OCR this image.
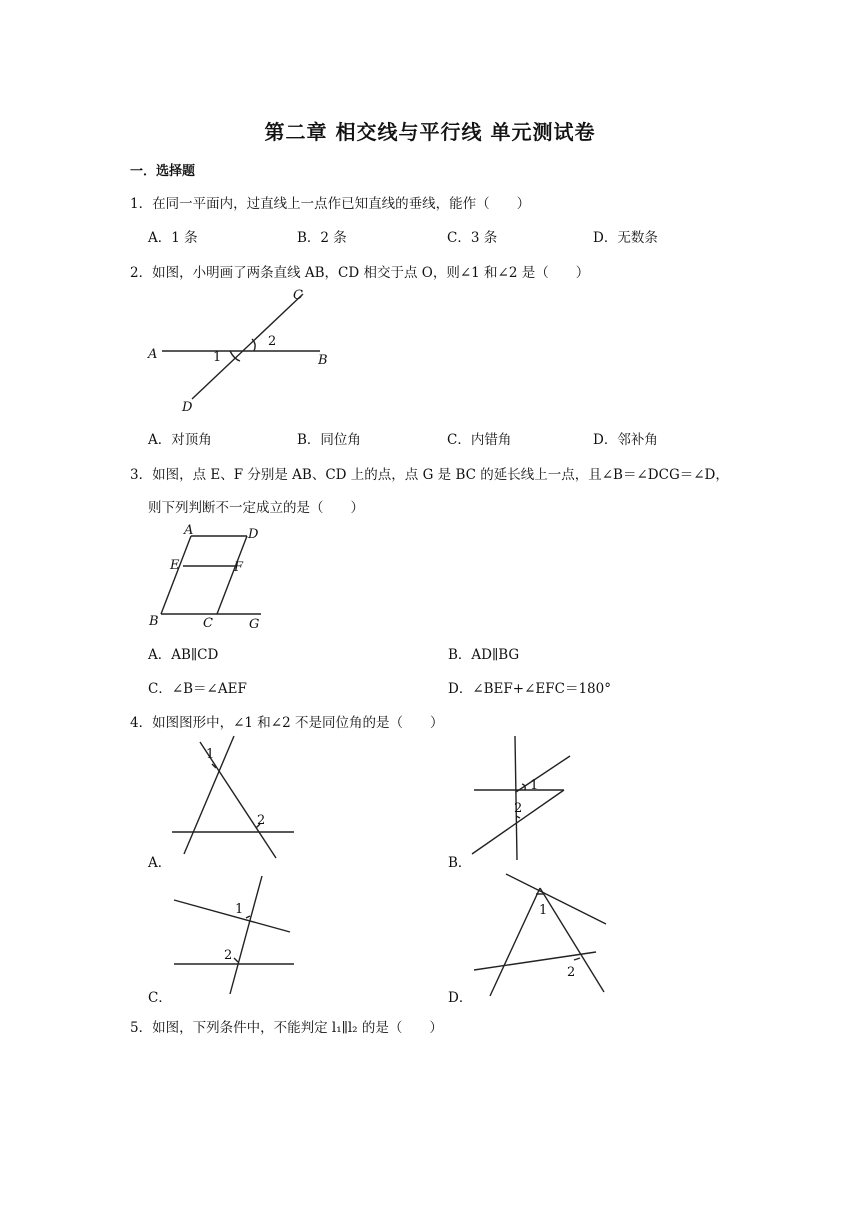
第二章 相交线与平行线 单元测试卷
一．选择题
1．在同一平面内，过直线上一点作已知直线的垂线，能作（　　）
A．1 条	B．2 条	C．3 条	D．无数条
2．如图，小明画了两条直线 AB，CD 相交于点 O，则∠1 和∠2 是（　　）
A	B
C
D
1
2
A．对顶角	B．同位角	C．内错角	D．邻补角
3．如图，点 E、F 分别是 AB、CD 上的点，点 G 是 BC 的延长线上一点，且∠B＝∠DCG＝∠D，
则下列判断不一定成立的是（　　）
A	D
E	F
B	C	G
A．AB∥CD	B．AD∥BG
C．∠B＝∠AEF	D．∠BEF+∠EFC＝180°
4．如图图形中，∠1 和∠2 不是同位角的是（　　）
1
2
A．
1
2
B．
1
2
C．
1
2
D．
5．如图，下列条件中，不能判定 l₁∥l₂ 的是（　　）
